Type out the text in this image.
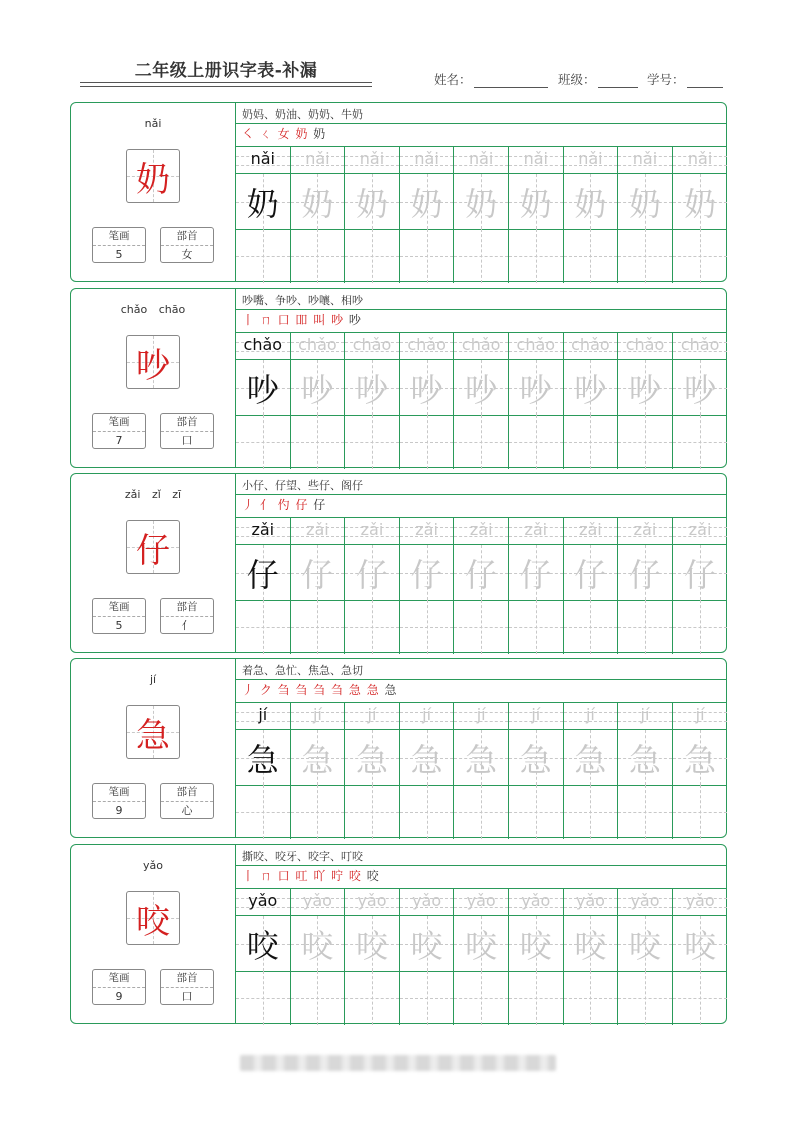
二年级上册识字表-补漏	姓名：	班级：	学号：
nǎi
奶
笔画
5
部首
女
奶妈、奶油、奶奶、牛奶
㇛ ㄑ 女 奶 奶
nǎi
奶
nǎi
奶
nǎi
奶
nǎi
奶
nǎi
奶
nǎi
奶
nǎi
奶
nǎi
奶
nǎi
奶
chǎo chāo
吵
笔画
7
部首
口
吵嘴、争吵、吵嚷、相吵
丨 ㄇ 口 吅 叫 吵 吵
chǎo
吵
chǎo
吵
chǎo
吵
chǎo
吵
chǎo
吵
chǎo
吵
chǎo
吵
chǎo
吵
chǎo
吵
zǎi zǐ zī
仔
笔画
5
部首
亻
小仔、仔望、些仔、阁仔
丿 亻 仢 仔 仔
zǎi
仔
zǎi
仔
zǎi
仔
zǎi
仔
zǎi
仔
zǎi
仔
zǎi
仔
zǎi
仔
zǎi
仔
jí
急
笔画
9
部首
心
着急、急忙、焦急、急切
丿 ク 刍 刍 刍 刍 急 急 急
jí
急
jí
急
jí
急
jí
急
jí
急
jí
急
jí
急
jí
急
jí
急
yǎo
咬
笔画
9
部首
口
撕咬、咬牙、咬字、叮咬
丨 ㄇ 口 叿 吖 咛 咬 咬
yǎo
咬
yǎo
咬
yǎo
咬
yǎo
咬
yǎo
咬
yǎo
咬
yǎo
咬
yǎo
咬
yǎo
咬
